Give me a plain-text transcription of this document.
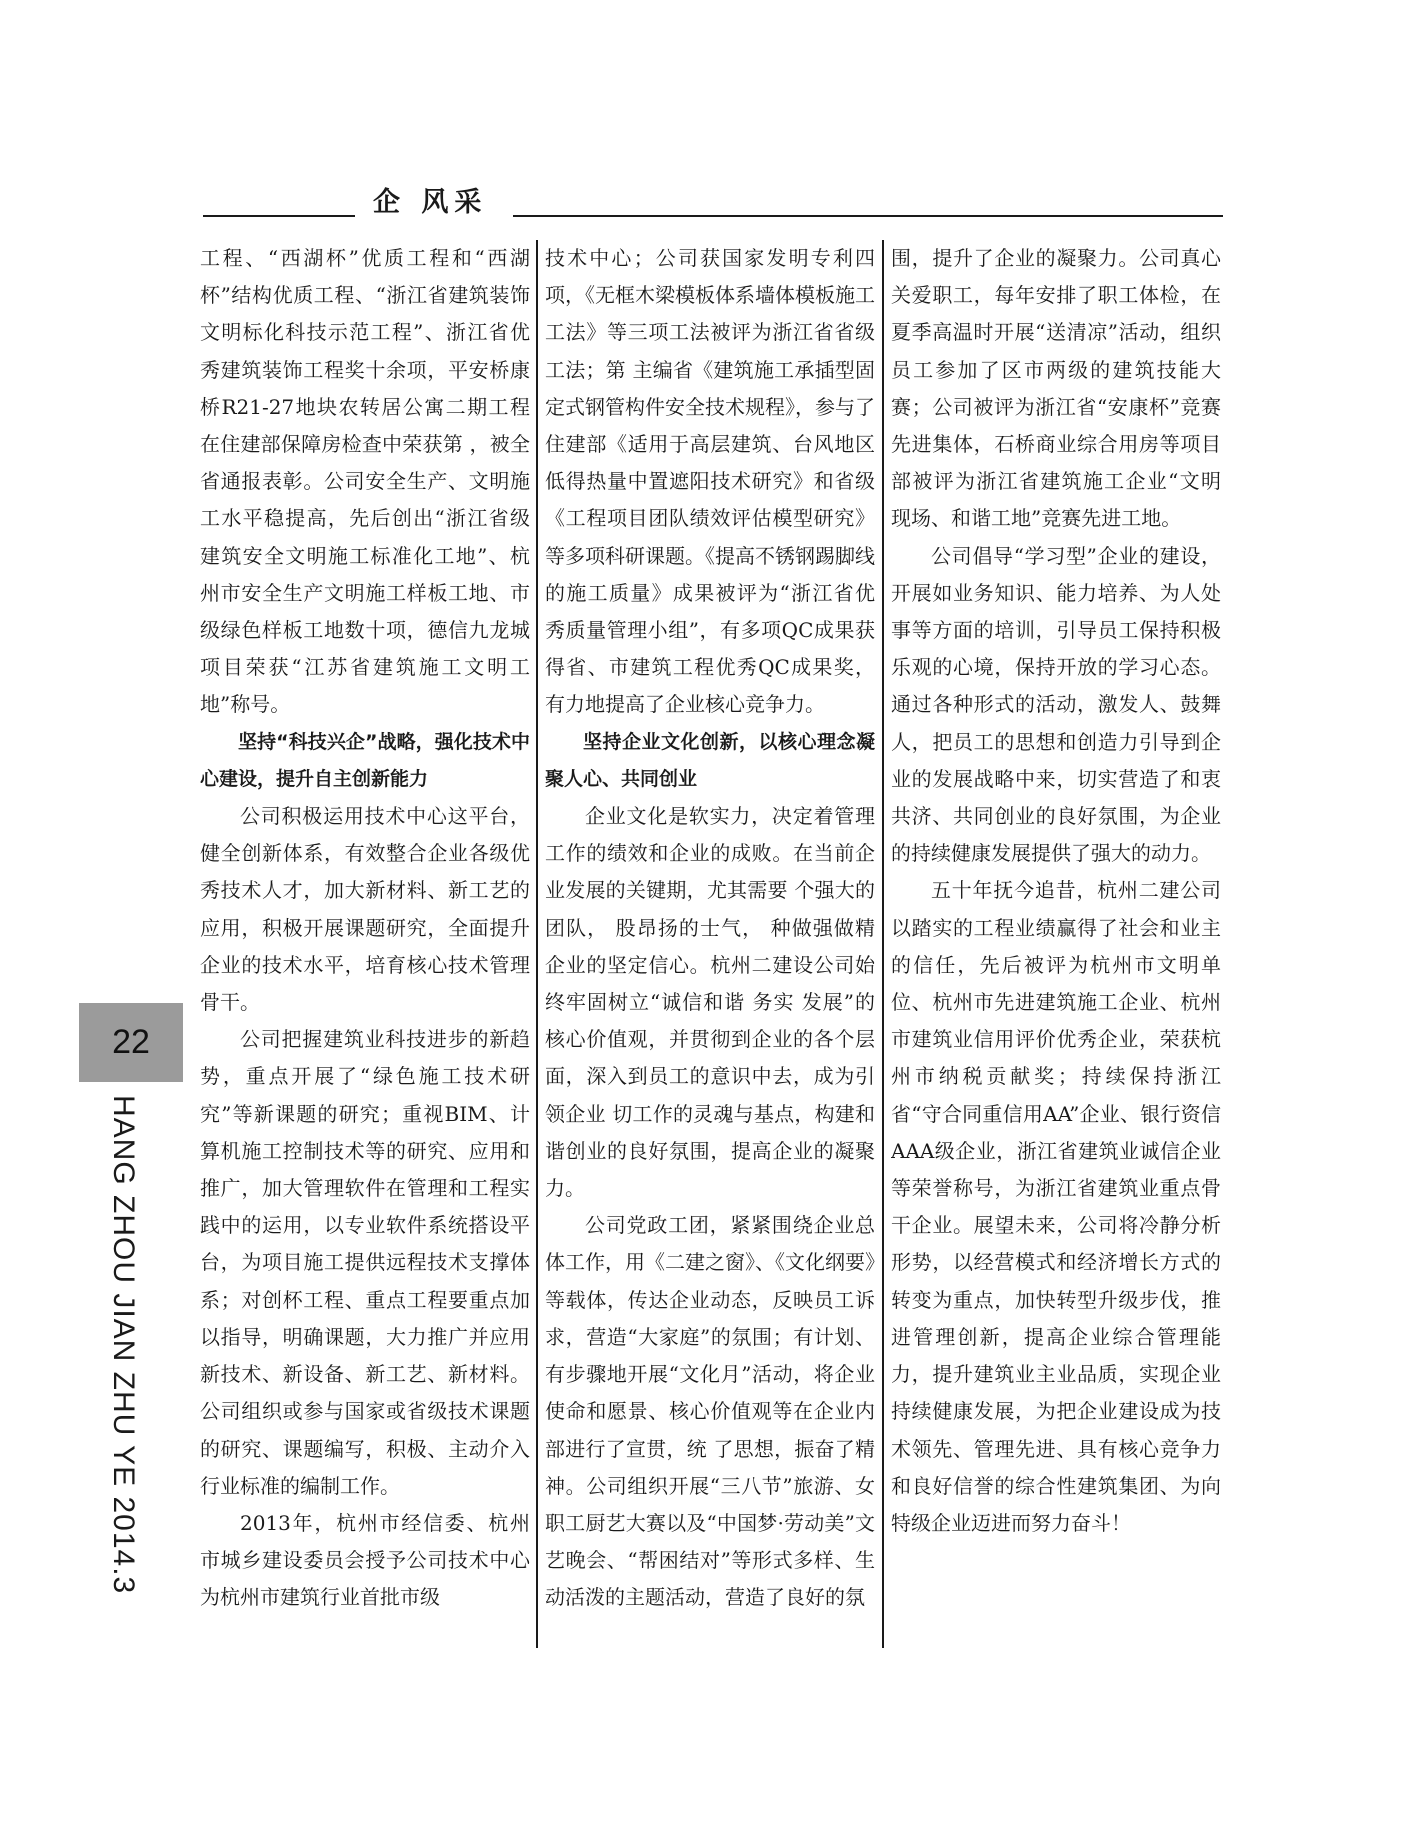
企 风采
22
HANG ZHOU JIAN ZHU YE 2014.3

工程、“西湖杯”优质工程和“西湖杯”结构优质工程、“浙江省建筑装饰文明标化科技示范工程”、浙江省优秀建筑装饰工程奖十余项，平安桥康桥R21-27地块农转居公寓二期工程在住建部保障房检查中荣获第 ，被全省通报表彰。公司安全生产、文明施工水平稳提高，先后创出“浙江省级建筑安全文明施工标准化工地”、杭州市安全生产文明施工样板工地、市级绿色样板工地数十项，德信九龙城项目荣获“江苏省建筑施工文明工地”称号。

坚持“科技兴企”战略，强化技术中心建设，提升自主创新能力

公司积极运用技术中心这平台，健全创新体系，有效整合企业各级优秀技术人才，加大新材料、新工艺的应用，积极开展课题研究，全面提升企业的技术水平，培育核心技术管理骨干。

公司把握建筑业科技进步的新趋势，重点开展了“绿色施工技术研究”等新课题的研究；重视BIM、计算机施工控制技术等的研究、应用和推广，加大管理软件在管理和工程实践中的运用，以专业软件系统搭设平台，为项目施工提供远程技术支撑体系；对创杯工程、重点工程要重点加以指导，明确课题，大力推广并应用新技术、新设备、新工艺、新材料。公司组织或参与国家或省级技术课题的研究、课题编写，积极、主动介入行业标准的编制工作。

2013年，杭州市经信委、杭州市城乡建设委员会授予公司技术中心为杭州市建筑行业首批市级

技术中心；公司获国家发明专利四项，《无框木梁模板体系墙体模板施工工法》等三项工法被评为浙江省省级工法；第 主编省《建筑施工承插型固定式钢管构件安全技术规程》，参与了住建部《适用于高层建筑、台风地区低得热量中置遮阳技术研究》和省级《工程项目团队绩效评估模型研究》等多项科研课题。《提高不锈钢踢脚线的施工质量》成果被评为“浙江省优秀质量管理小组”，有多项QC成果获得省、市建筑工程优秀QC成果奖，有力地提高了企业核心竞争力。

坚持企业文化创新，以核心理念凝聚人心、共同创业

企业文化是软实力，决定着管理工作的绩效和企业的成败。在当前企业发展的关键期，尤其需要 个强大的团队， 股昂扬的士气， 种做强做精企业的坚定信心。杭州二建设公司始终牢固树立“诚信和谐 务实 发展”的核心价值观，并贯彻到企业的各个层面，深入到员工的意识中去，成为引领企业 切工作的灵魂与基点，构建和谐创业的良好氛围，提高企业的凝聚力。

公司党政工团，紧紧围绕企业总体工作，用《二建之窗》、《文化纲要》等载体，传达企业动态，反映员工诉求，营造“大家庭”的氛围；有计划、有步骤地开展“文化月”活动，将企业使命和愿景、核心价值观等在企业内部进行了宣贯，统 了思想，振奋了精神。公司组织开展“三八节”旅游、女职工厨艺大赛以及“中国梦·劳动美”文艺晚会、“帮困结对”等形式多样、生动活泼的主题活动，营造了良好的氛

围，提升了企业的凝聚力。公司真心关爱职工，每年安排了职工体检，在夏季高温时开展“送清凉”活动，组织员工参加了区市两级的建筑技能大赛；公司被评为浙江省“安康杯”竞赛先进集体，石桥商业综合用房等项目部被评为浙江省建筑施工企业“文明现场、和谐工地”竞赛先进工地。

公司倡导“学习型”企业的建设，开展如业务知识、能力培养、为人处事等方面的培训，引导员工保持积极乐观的心境，保持开放的学习心态。通过各种形式的活动，激发人、鼓舞人，把员工的思想和创造力引导到企业的发展战略中来，切实营造了和衷共济、共同创业的良好氛围，为企业的持续健康发展提供了强大的动力。

五十年抚今追昔，杭州二建公司以踏实的工程业绩赢得了社会和业主的信任，先后被评为杭州市文明单位、杭州市先进建筑施工企业、杭州市建筑业信用评价优秀企业，荣获杭州市纳税贡献奖；持续保持浙江省“守合同重信用AA”企业、银行资信AAA级企业，浙江省建筑业诚信企业等荣誉称号，为浙江省建筑业重点骨干企业。展望未来，公司将冷静分析形势，以经营模式和经济增长方式的转变为重点，加快转型升级步伐，推进管理创新，提高企业综合管理能力，提升建筑业主业品质，实现企业持续健康发展，为把企业建设成为技术领先、管理先进、具有核心竞争力和良好信誉的综合性建筑集团、为向特级企业迈进而努力奋斗！
